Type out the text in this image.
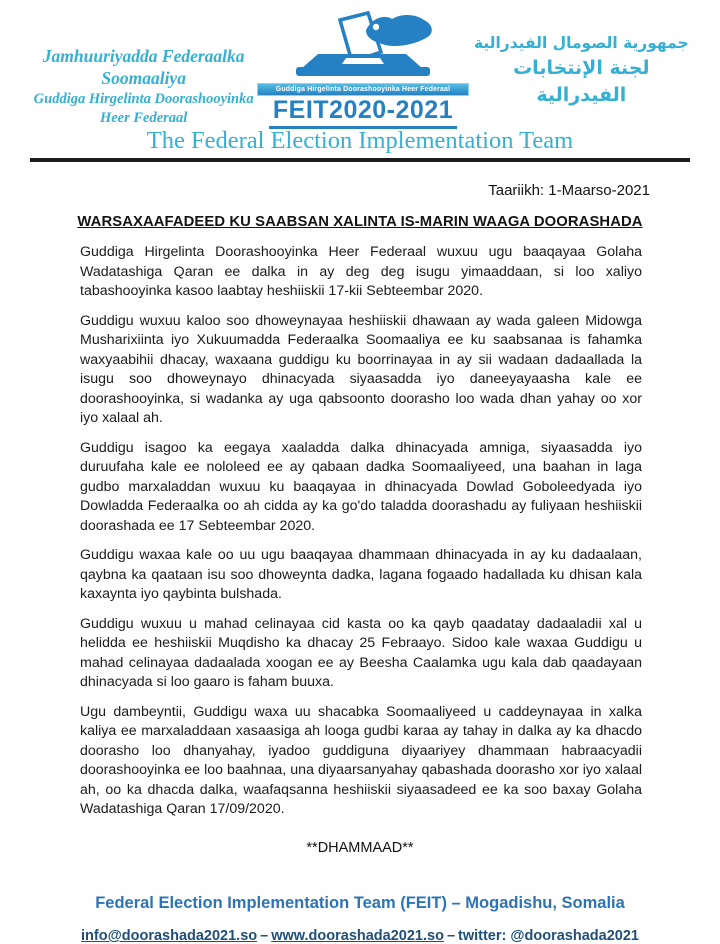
Jamhuuriyadda Federaalka Soomaaliya
Guddiga Hirgelinta Doorashooyinka Heer Federaal
Guddiga Hirgelinta Doorashooyinka Heer Federaal
FEIT2020-2021
جمهورية الصومال الفيدرالية
لجنة الإنتخابات الفيدرالية
The Federal Election Implementation Team
Taariikh: 1-Maarso-2021
WARSAXAAFADEED KU SAABSAN XALINTA IS-MARIN WAAGA DOORASHADA

Guddiga Hirgelinta Doorashooyinka Heer Federaal wuxuu ugu baaqayaa Golaha Wadatashiga Qaran ee dalka in ay deg deg isugu yimaaddaan, si loo xaliyo tabashooyinka kasoo laabtay heshiiskii 17-kii Sebteembar 2020.

Guddigu wuxuu kaloo soo dhoweynayaa heshiiskii dhawaan ay wada galeen Midowga Musharixiinta iyo Xukuumadda Federaalka Soomaaliya ee ku saabsanaa is fahamka waxyaabihii dhacay, waxaana guddigu ku boorrinayaa in ay sii wadaan dadaallada la isugu soo dhoweynayo dhinacyada siyaasadda iyo daneeyayaasha kale ee doorashooyinka, si wadanka ay uga qabsoonto doorasho loo wada dhan yahay oo xor iyo xalaal ah.

Guddigu isagoo ka eegaya xaaladda dalka dhinacyada amniga, siyaasadda iyo duruufaha kale ee nololeed ee ay qabaan dadka Soomaaliyeed, una baahan in laga gudbo marxaladdan wuxuu ku baaqayaa in dhinacyada Dowlad Goboleedyada iyo Dowladda Federaalka oo ah cidda ay ka go'do taladda doorashadu ay fuliyaan heshiiskii doorashada ee 17 Sebteembar 2020.

Guddigu waxaa kale oo uu ugu baaqayaa dhammaan dhinacyada in ay ku dadaalaan, qaybna ka qaataan isu soo dhoweynta dadka, lagana fogaado hadallada ku dhisan kala kaxaynta iyo qaybinta bulshada.

Guddigu wuxuu u mahad celinayaa cid kasta oo ka qayb qaadatay dadaaladii xal u helidda ee heshiiskii Muqdisho ka dhacay 25 Febraayo. Sidoo kale waxaa Guddigu u mahad celinayaa dadaalada xoogan ee ay Beesha Caalamka ugu kala dab qaadayaan dhinacyada si loo gaaro is faham buuxa.

Ugu dambeyntii, Guddigu waxa uu shacabka Soomaaliyeed u caddeynayaa in xalka kaliya ee marxaladdaan xasaasiga ah looga gudbi karaa ay tahay in dalka ay ka dhacdo doorasho loo dhanyahay, iyadoo guddiguna diyaariyey dhammaan habraacyadii doorashooyinka ee loo baahnaa, una diyaarsanyahay qabashada doorasho xor iyo xalaal ah, oo ka dhacda dalka, waafaqsanna heshiiskii siyaasadeed ee ka soo baxay Golaha Wadatashiga Qaran 17/09/2020.

**DHAMMAAD**
Federal Election Implementation Team (FEIT) – Mogadishu, Somalia
info@doorashada2021.so – www.doorashada2021.so – twitter: @doorashada2021
